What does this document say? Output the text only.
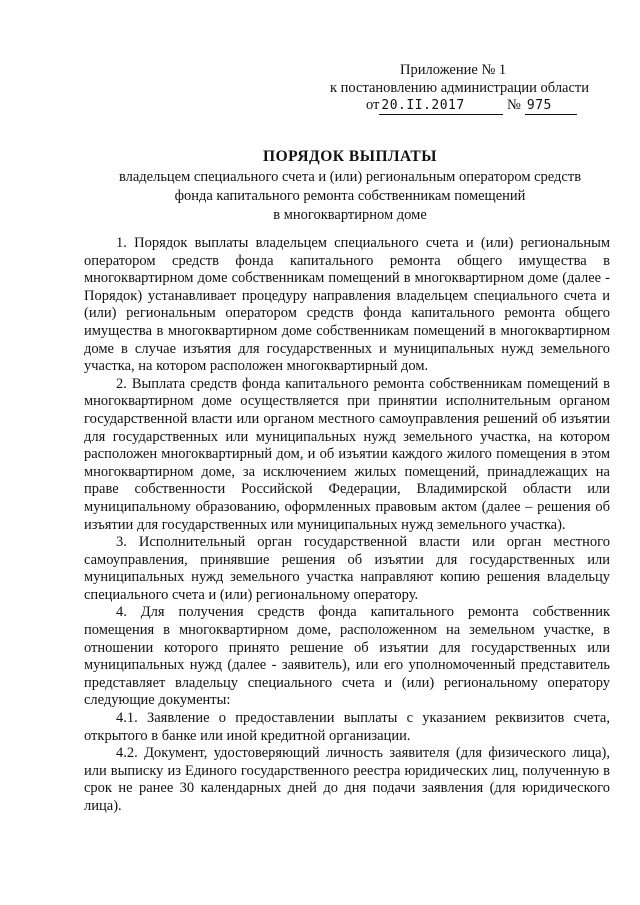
Приложение № 1
к постановлению администрации области
от 20.II.2017	№ 975
ПОРЯДОК ВЫПЛАТЫ
владельцем специального счета и (или) региональным оператором средств
фонда капитального ремонта собственникам помещений
в многоквартирном доме

1. Порядок выплаты владельцем специального счета и (или) региональным оператором средств фонда капитального ремонта общего имущества в многоквартирном доме собственникам помещений в многоквартирном доме (далее - Порядок) устанавливает процедуру направления владельцем специального счета и (или) региональным оператором средств фонда капитального ремонта общего имущества в многоквартирном доме собственникам помещений в многоквартирном доме в случае изъятия для государственных и муниципальных нужд земельного участка, на котором расположен многоквартирный дом.

2. Выплата средств фонда капитального ремонта собственникам помещений в многоквартирном доме осуществляется при принятии исполнительным органом государственной власти или органом местного самоуправления решений об изъятии для государственных или муниципальных нужд земельного участка, на котором расположен многоквартирный дом, и об изъятии каждого жилого помещения в этом многоквартирном доме, за исключением жилых помещений, принадлежащих на праве собственности Российской Федерации, Владимирской области или муниципальному образованию, оформленных правовым актом (далее – решения об изъятии для государственных или муниципальных нужд земельного участка).

3. Исполнительный орган государственной власти или орган местного самоуправления, принявшие решения об изъятии для государственных или муниципальных нужд земельного участка направляют копию решения владельцу специального счета и (или) региональному оператору.

4. Для получения средств фонда капитального ремонта собственник помещения в многоквартирном доме, расположенном на земельном участке, в отношении которого принято решение об изъятии для государственных или муниципальных нужд (далее - заявитель), или его уполномоченный представитель представляет владельцу специального счета и (или) региональному оператору следующие документы:

4.1. Заявление о предоставлении выплаты с указанием реквизитов счета, открытого в банке или иной кредитной организации.

4.2. Документ, удостоверяющий личность заявителя (для физического лица), или выписку из Единого государственного реестра юридических лиц, полученную в срок не ранее 30 календарных дней до дня подачи заявления (для юридического лица).
